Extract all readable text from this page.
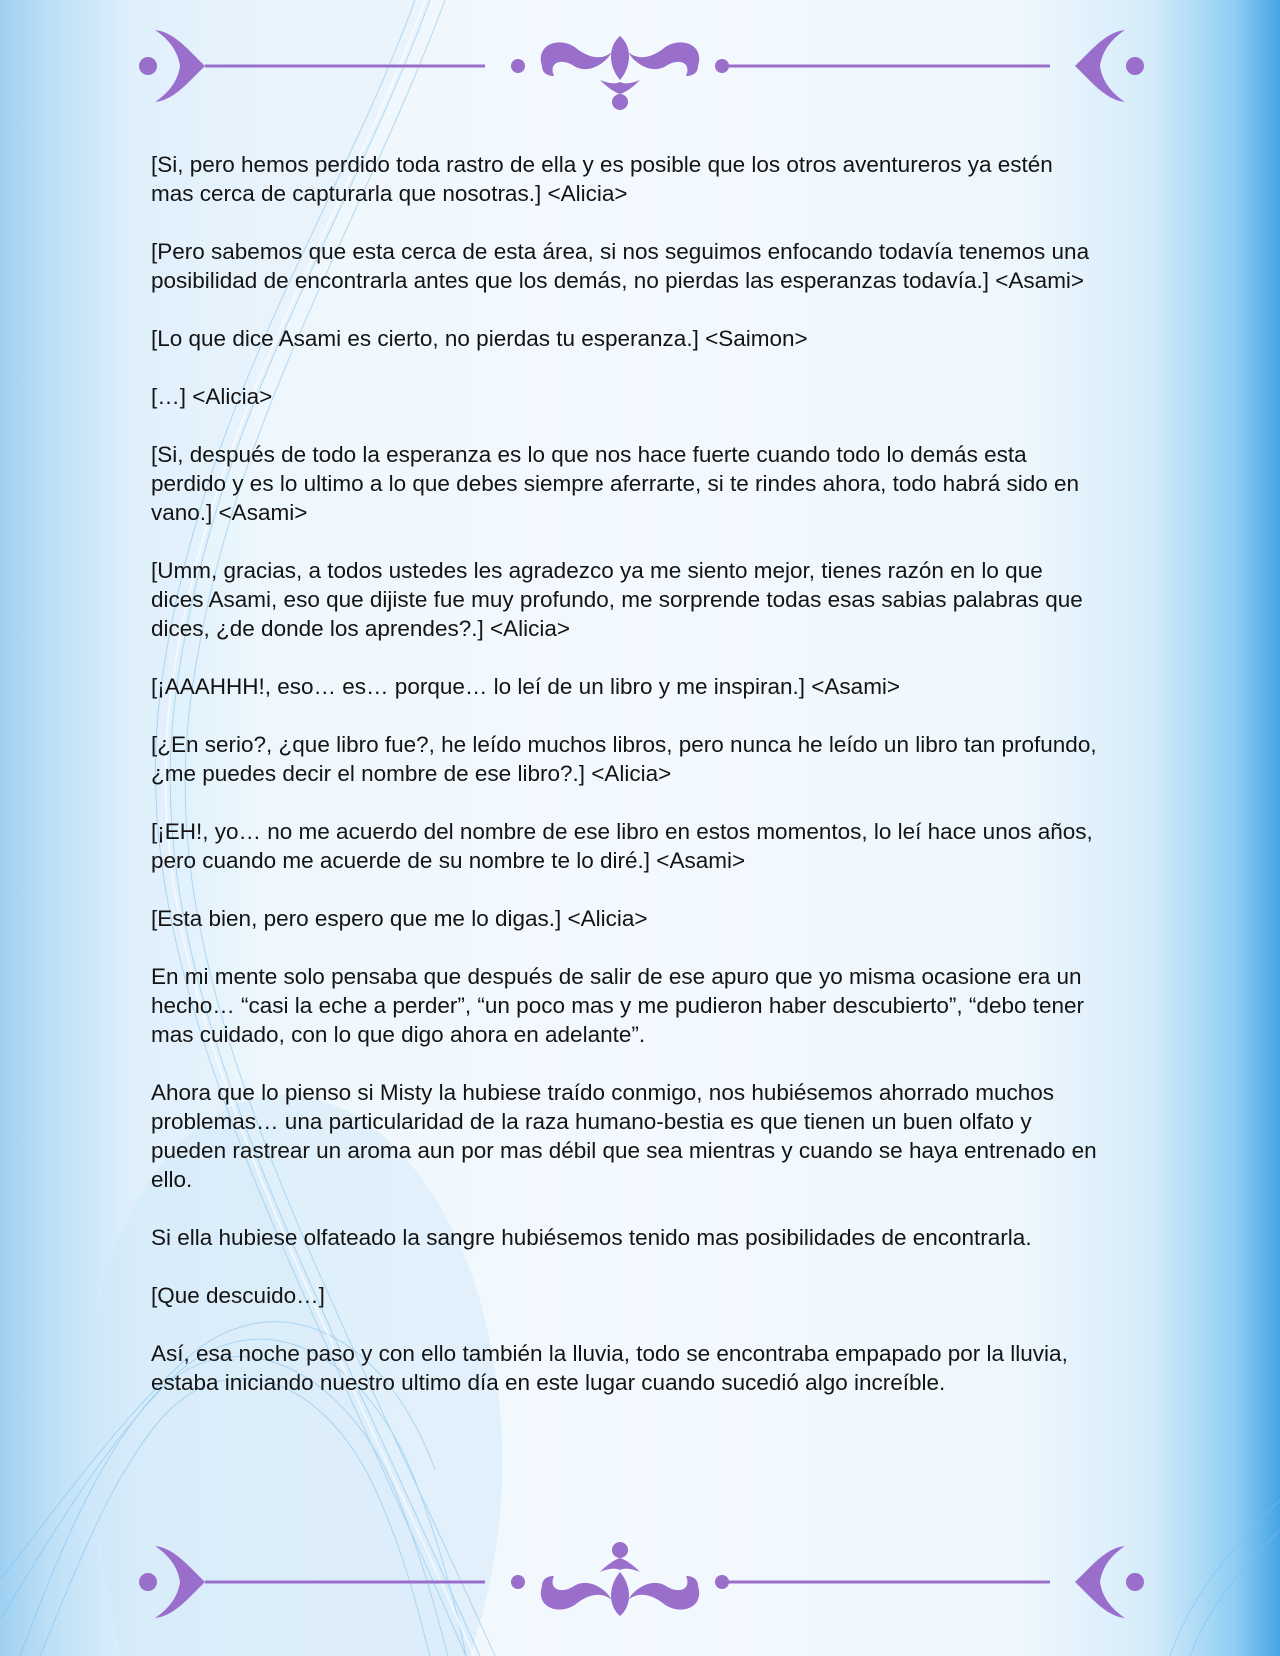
[Si, pero hemos perdido toda rastro de ella y es posible que los otros aventureros ya estén mas cerca de capturarla que nosotras.] <Alicia>

[Pero sabemos que esta cerca de esta área, si nos seguimos enfocando todavía tenemos una posibilidad de encontrarla antes que los demás, no pierdas las esperanzas todavía.] <Asami>

[Lo que dice Asami es cierto, no pierdas tu esperanza.] <Saimon>

[…] <Alicia>

[Si, después de todo la esperanza es lo que nos hace fuerte cuando todo lo demás esta perdido y es lo ultimo a lo que debes siempre aferrarte, si te rindes ahora, todo habrá sido en vano.] <Asami>

[Umm, gracias, a todos ustedes les agradezco ya me siento mejor, tienes razón en lo que dices Asami, eso que dijiste fue muy profundo, me sorprende todas esas sabias palabras que dices, ¿de donde los aprendes?.] <Alicia>

[¡AAAHHH!, eso… es… porque… lo leí de un libro y me inspiran.] <Asami>

[¿En serio?, ¿que libro fue?, he leído muchos libros, pero nunca he leído un libro tan profundo, ¿me puedes decir el nombre de ese libro?.] <Alicia>

[¡EH!, yo… no me acuerdo del nombre de ese libro en estos momentos, lo leí hace unos años, pero cuando me acuerde de su nombre te lo diré.] <Asami>

[Esta bien, pero espero que me lo digas.] <Alicia>

En mi mente solo pensaba que después de salir de ese apuro que yo misma ocasione era un hecho… “casi la eche a perder”, “un poco mas y me pudieron haber descubierto”, “debo tener mas cuidado, con lo que digo ahora en adelante”.

Ahora que lo pienso si Misty la hubiese traído conmigo, nos hubiésemos ahorrado muchos problemas… una particularidad de la raza humano-bestia es que tienen un buen olfato y pueden rastrear un aroma aun por mas débil que sea mientras y cuando se haya entrenado en ello.

Si ella hubiese olfateado la sangre hubiésemos tenido mas posibilidades de encontrarla.

[Que descuido…]

Así, esa noche paso y con ello también la lluvia, todo se encontraba empapado por la lluvia, estaba iniciando nuestro ultimo día en este lugar cuando sucedió algo increíble.
